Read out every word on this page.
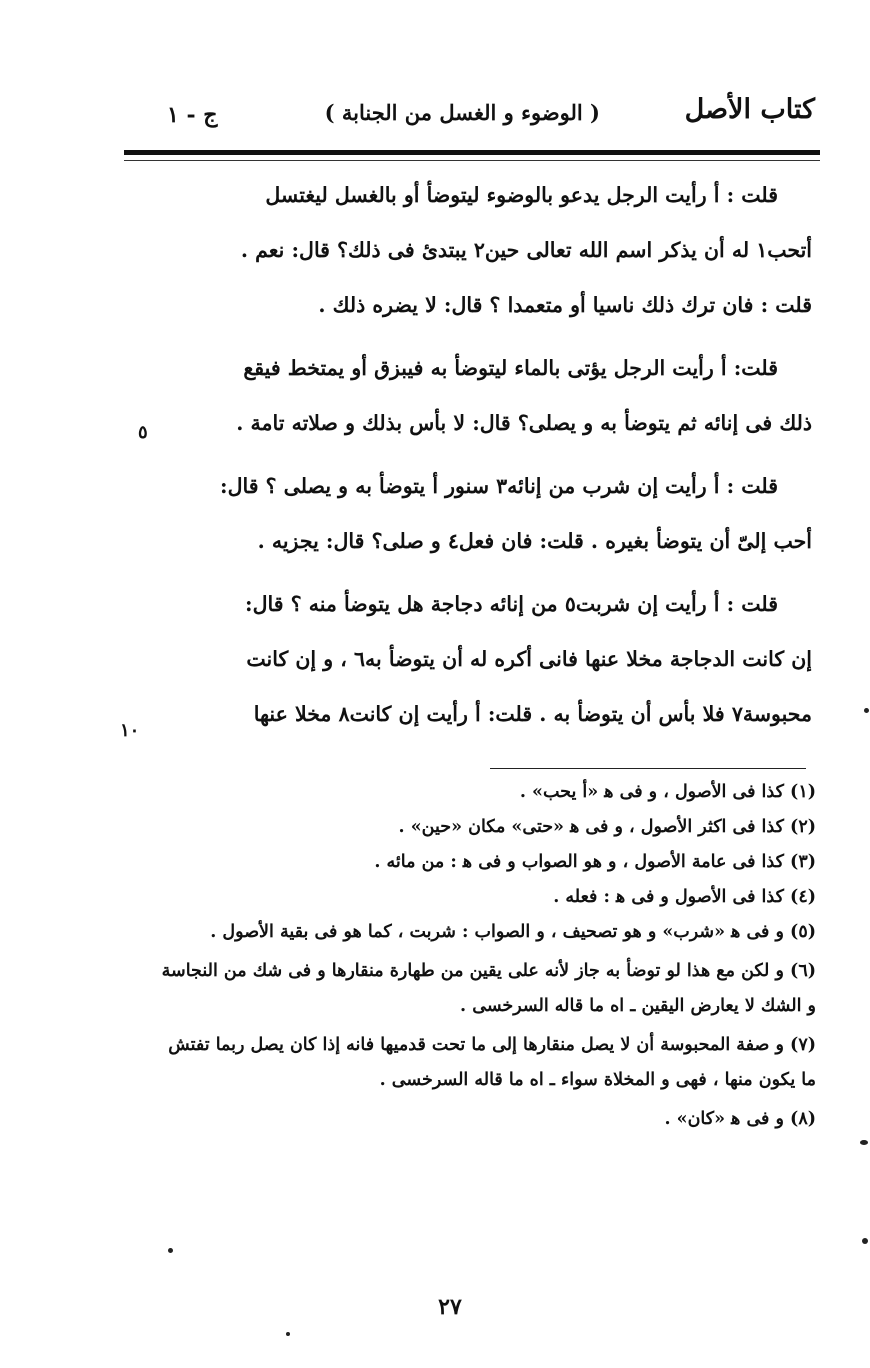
كتاب الأصل
( الوضوء و الغسل من الجنابة )
ج - ١
قلت : أ رأيت الرجل يدعو بالوضوء ليتوضأ أو بالغسل ليغتسل
أتحب١ له أن يذكر اسم الله تعالى حين٢ يبتدئ فى ذلك؟ قال: نعم .
قلت : فان ترك ذلك ناسيا أو متعمدا ؟ قال: لا يضره ذلك .
قلت: أ رأيت الرجل يؤتى بالماء ليتوضأ به فيبزق أو يمتخط فيقع
ذلك فى إنائه ثم يتوضأ به و يصلى؟ قال: لا بأس بذلك و صلاته تامة .
قلت : أ رأيت إن شرب من إنائه٣ سنور أ يتوضأ به و يصلى ؟ قال:
أحب إلىّ أن يتوضأ بغيره . قلت: فان فعل٤ و صلى؟ قال: يجزيه .
قلت : أ رأيت إن شربت٥ من إنائه دجاجة هل يتوضأ منه ؟ قال:
إن كانت الدجاجة مخلا عنها فانى أكره له أن يتوضأ به٦ ، و إن كانت
محبوسة٧ فلا بأس أن يتوضأ به . قلت: أ رأيت إن كانت٨ مخلا عنها
٥
١٠
(١) كذا فى الأصول ، و فى ﻫ «أ يحب» .
(٢) كذا فى اكثر الأصول ، و فى ﻫ «حتى» مكان «حين» .
(٣) كذا فى عامة الأصول ، و هو الصواب و فى ﻫ : من مائه .
(٤) كذا فى الأصول و فى ﻫ : فعله .
(٥) و فى ﻫ «شرب» و هو تصحيف ، و الصواب : شربت ، كما هو فى بقية الأصول .
(٦) و لكن مع هذا لو توضأ به جاز لأنه على يقين من طهارة منقارها و فى شك من النجاسة و الشك لا يعارض اليقين ـ اه ما قاله السرخسى .
(٧) و صفة المحبوسة أن لا يصل منقارها إلى ما تحت قدميها فانه إذا كان يصل ربما تفتش ما يكون منها ، فهى و المخلاة سواء ـ اه ما قاله السرخسى .
(٨) و فى ﻫ «كان» .
٢٧
